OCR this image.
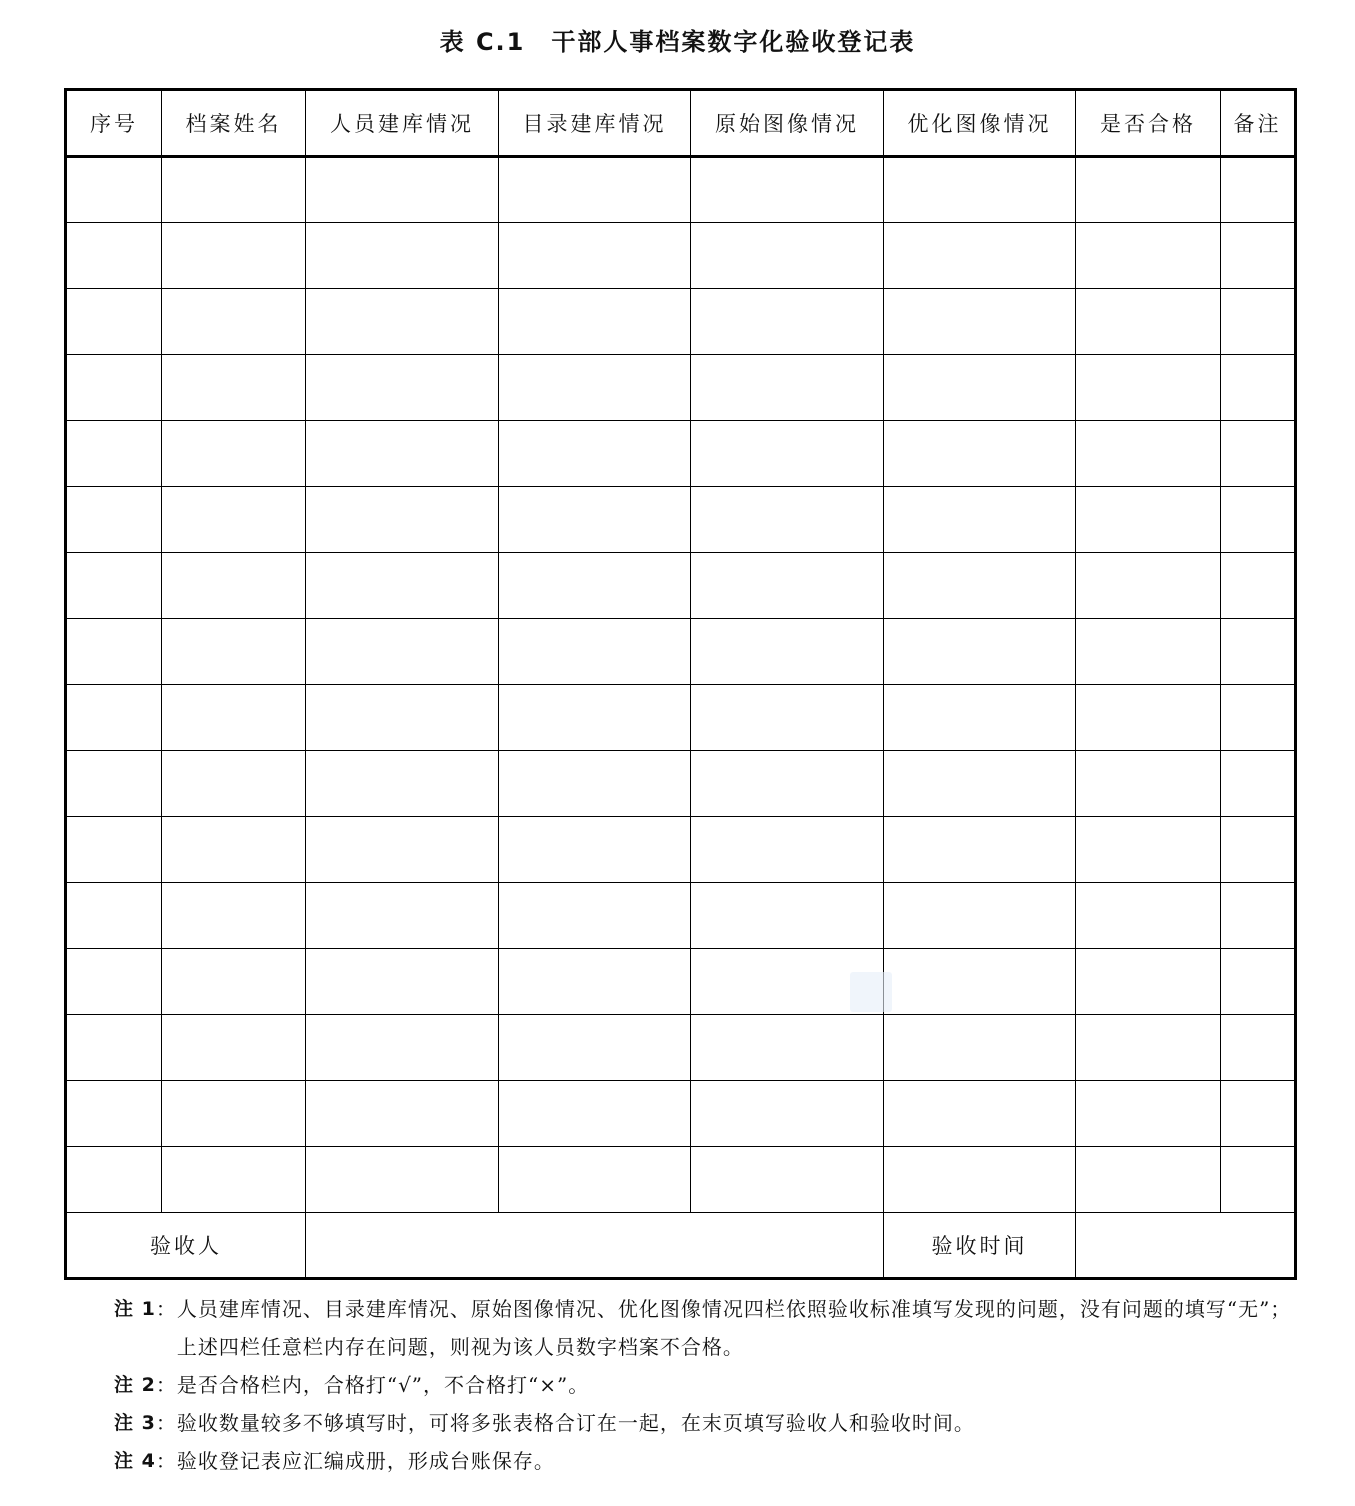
表 C.1 干部人事档案数字化验收登记表
序号	档案姓名	人员建库情况	目录建库情况	原始图像情况	优化图像情况	是否合格	备注

验收人					验收时间		
注 1 ： 人员建库情况、目录建库情况、原始图像情况、优化图像情况四栏依照验收标准填写发现的问题，没有问题的填写“无”；上述四栏任意栏内存在问题，则视为该人员数字档案不合格。
注 2 ： 是否合格栏内，合格打“√”，不合格打“×”。
注 3 ： 验收数量较多不够填写时，可将多张表格合订在一起，在末页填写验收人和验收时间。
注 4 ： 验收登记表应汇编成册，形成台账保存。
